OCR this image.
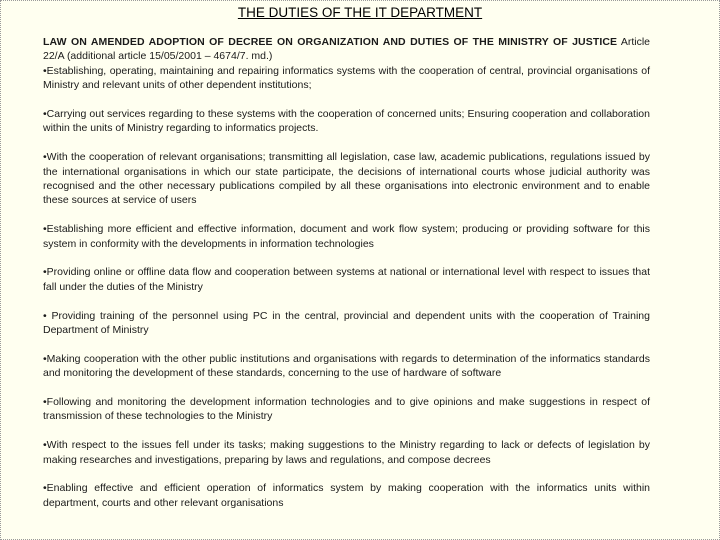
THE DUTIES OF THE IT DEPARTMENT

LAW ON AMENDED ADOPTION OF DECREE ON ORGANIZATION AND DUTIES OF THE MINISTRY OF JUSTICE Article 22/A (additional article 15/05/2001 – 4674/7. md.)

•Establishing, operating, maintaining and repairing informatics systems with the cooperation of central, provincial organisations of Ministry and relevant units of other dependent institutions;

•Carrying out services regarding to these systems with the cooperation of concerned units; Ensuring cooperation and collaboration within the units of Ministry regarding to informatics projects.

•With the cooperation of relevant organisations; transmitting all legislation, case law, academic publications, regulations issued by the international organisations in which our state participate, the decisions of international courts whose judicial authority was recognised and the other necessary publications compiled by all these organisations into electronic environment and to enable these sources at service of users

•Establishing more efficient and effective information, document and work flow system; producing or providing software for this system in conformity with the developments in information technologies

•Providing online or offline data flow and cooperation between systems at national or international level with respect to issues that fall under the duties of the Ministry

• Providing training of the personnel using PC in the central, provincial and dependent units with the cooperation of Training Department of Ministry

•Making cooperation with the other public institutions and organisations with regards to determination of the informatics standards and monitoring the development of these standards, concerning to the use of hardware of software

•Following and monitoring the development information technologies and to give opinions and make suggestions in respect of transmission of these technologies to the Ministry

•With respect to the issues fell under its tasks; making suggestions to the Ministry regarding to lack or defects of legislation by making researches and investigations, preparing by laws and regulations, and compose decrees

•Enabling effective and efficient operation of informatics system by making cooperation with the informatics units within department, courts and other relevant organisations
